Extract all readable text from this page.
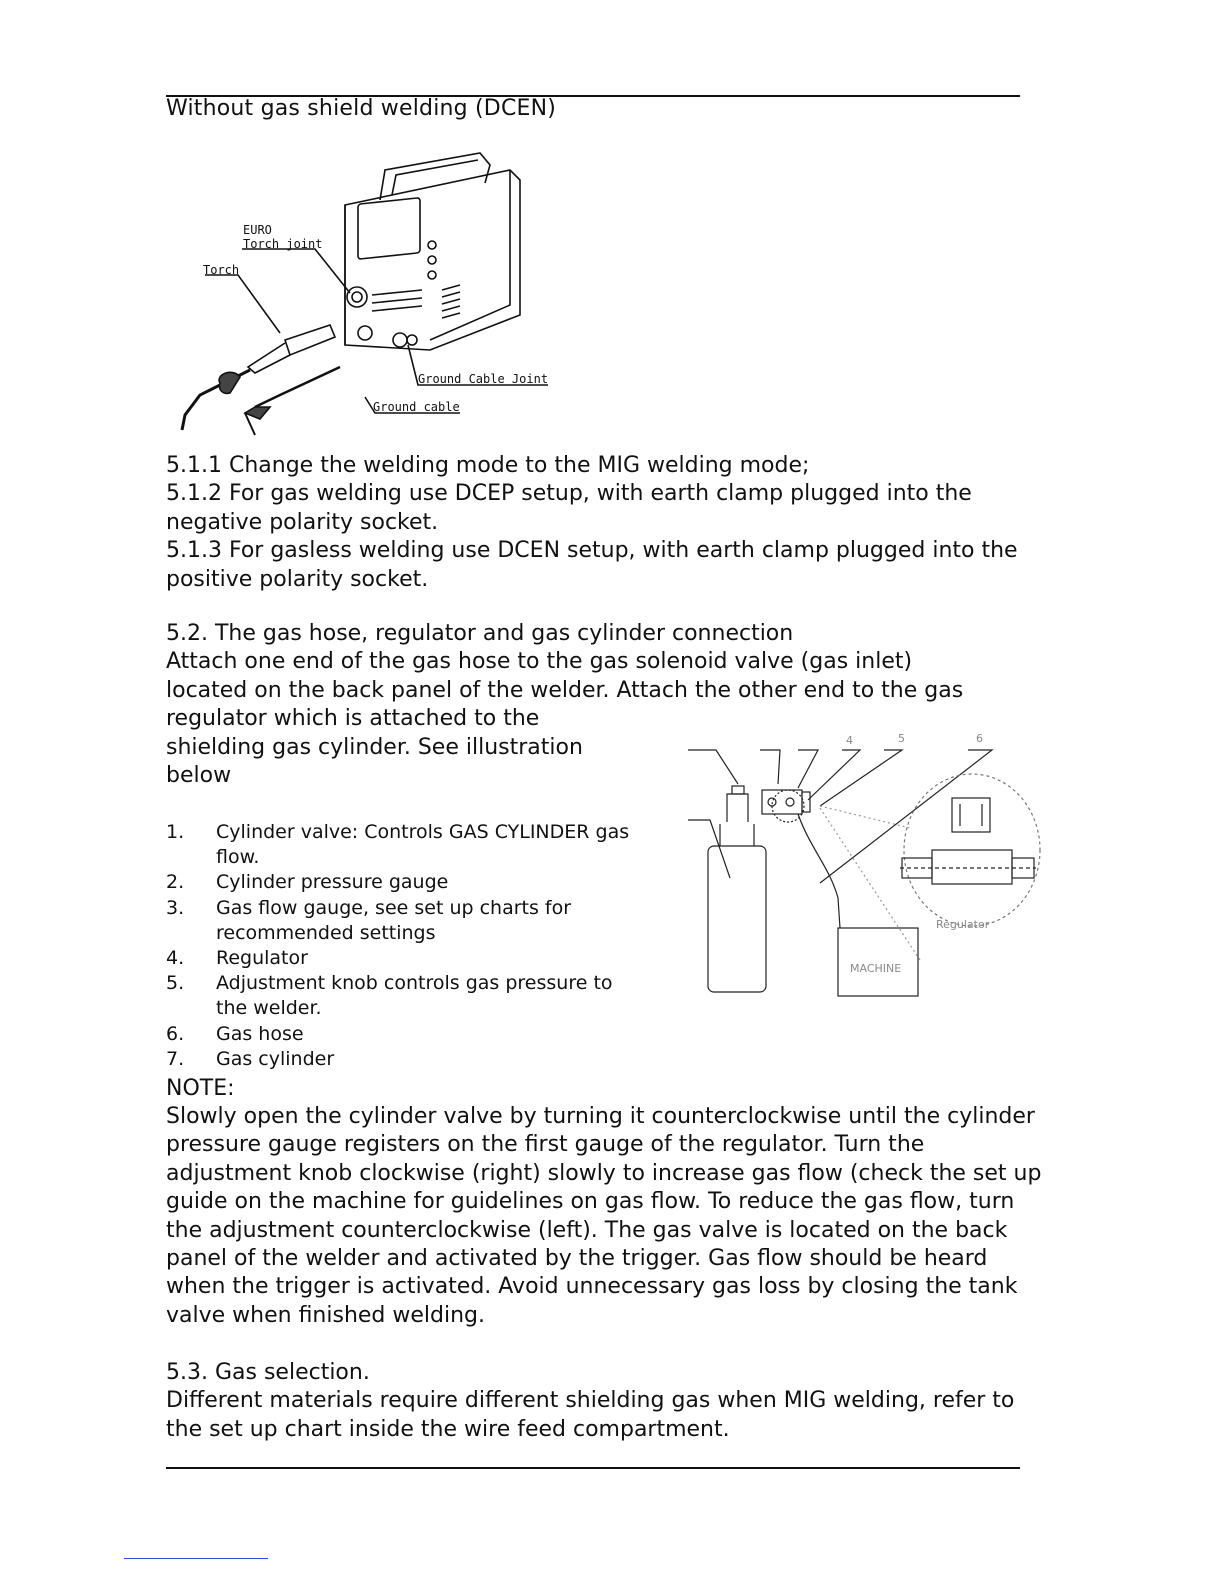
Without gas shield welding (DCEN)
EURO
Torch joint
Torch
Ground Cable Joint
Ground cable

5.1.1 Change the welding mode to the MIG welding mode;

5.1.2 For gas welding use DCEP setup, with earth clamp plugged into the negative polarity socket.

5.1.3 For gasless welding use DCEN setup, with earth clamp plugged into the positive polarity socket.

5.2. The gas hose, regulator and gas cylinder connection

Attach one end of the gas hose to the gas solenoid valve (gas inlet)

located on the back panel of the welder. Attach the other end to the gas

regulator which is attached to the

shielding gas cylinder. See illustration

below

1.	Cylinder valve: Controls GAS CYLINDER gas flow.
2.	Cylinder pressure gauge
3.	Gas flow gauge, see set up charts for recommended settings
4.	Regulator
5.	Adjustment knob controls gas pressure to the welder.
6.	Gas hose
7.	Gas cylinder
4	5	6
Regulator
MACHINE
NOTE:
Slowly open the cylinder valve by turning it counterclockwise until the cylinder pressure gauge registers on the first gauge of the regulator. Turn the adjustment knob clockwise (right) slowly to increase gas flow (check the set up guide on the machine for guidelines on gas flow. To reduce the gas flow, turn the adjustment counterclockwise (left). The gas valve is located on the back panel of the welder and activated by the trigger. Gas flow should be heard when the trigger is activated. Avoid unnecessary gas loss by closing the tank valve when finished welding.

5.3. Gas selection.

Different materials require different shielding gas when MIG welding, refer to the set up chart inside the wire feed compartment.
